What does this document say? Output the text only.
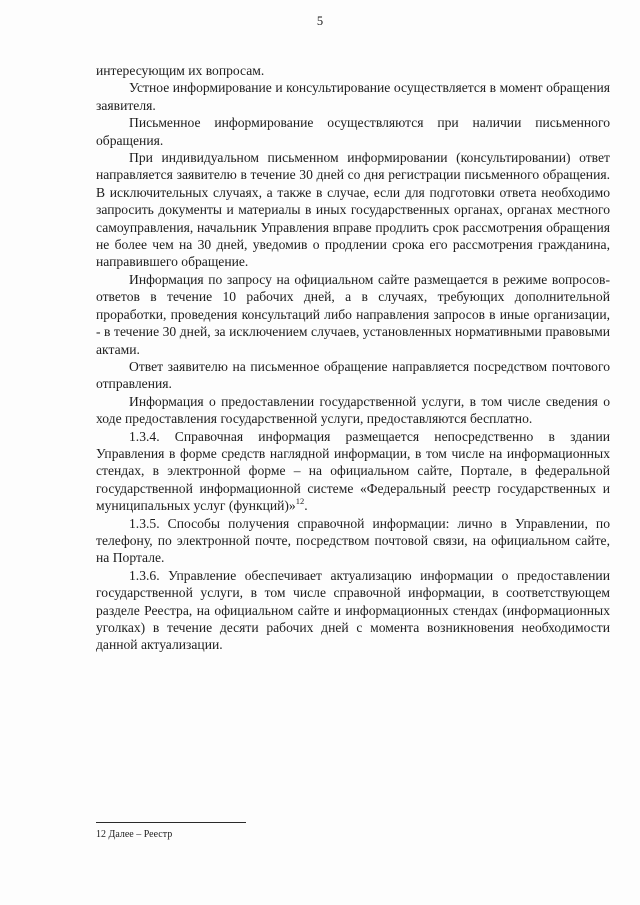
5

интересующим их вопросам.

Устное информирование и консультирование осуществляется в момент обращения заявителя.

Письменное информирование осуществляются при наличии письменного обращения.

При индивидуальном письменном информировании (консультировании) ответ направляется заявителю в течение 30 дней со дня регистрации письменного обращения. В исключительных случаях, а также в случае, если для подготовки ответа необходимо запросить документы и материалы в иных государственных органах, органах местного самоуправления, начальник Управления вправе продлить срок рассмотрения обращения не более чем на 30 дней, уведомив о продлении срока его рассмотрения гражданина, направившего обращение.

Информация по запросу на официальном сайте размещается в режиме вопросов-ответов в течение 10 рабочих дней, а в случаях, требующих дополнительной проработки, проведения консультаций либо направления запросов в иные организации, - в течение 30 дней, за исключением случаев, установленных нормативными правовыми актами.

Ответ заявителю на письменное обращение направляется посредством почтового отправления.

Информация о предоставлении государственной услуги, в том числе сведения о ходе предоставления государственной услуги, предоставляются бесплатно.

1.3.4. Справочная информация размещается непосредственно в здании Управления в форме средств наглядной информации, в том числе на информационных стендах, в электронной форме – на официальном сайте, Портале, в федеральной государственной информационной системе «Федеральный реестр государственных и муниципальных услуг (функций)»$^{12}$.

1.3.5. Способы получения справочной информации: лично в Управлении, по телефону, по электронной почте, посредством почтовой связи, на официальном сайте, на Портале.

1.3.6. Управление обеспечивает актуализацию информации о предоставлении государственной услуги, в том числе справочной информации, в соответствующем разделе Реестра, на официальном сайте и информационных стендах (информационных уголках) в течение десяти рабочих дней с момента возникновения необходимости данной актуализации.

12 Далее – Реестр
